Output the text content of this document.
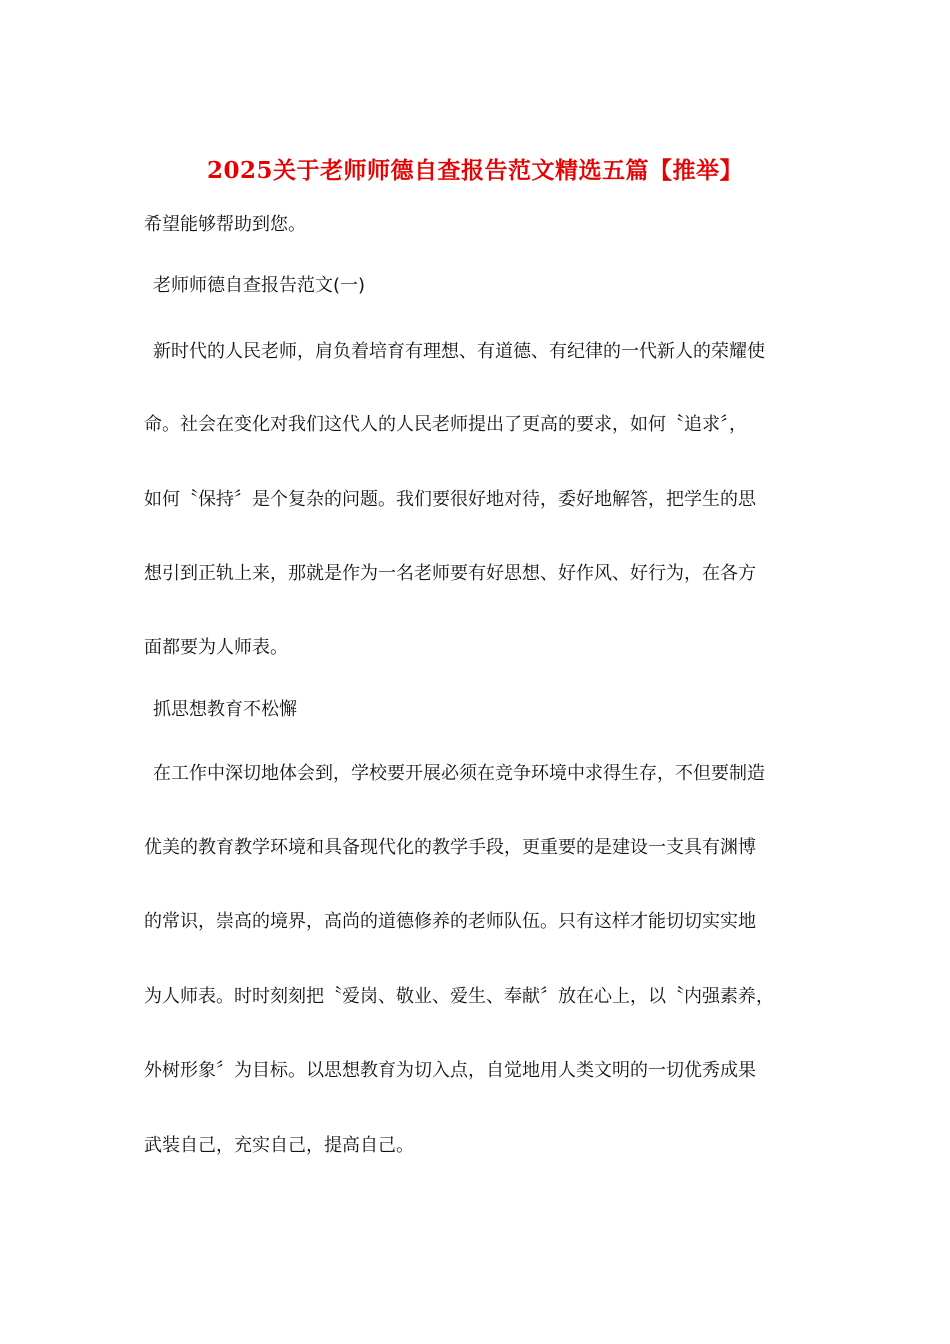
2025关于老师师德自查报告范文精选五篇【推举】
希望能够帮助到您。
老师师德自查报告范文(一)
新时代的人民老师，肩负着培育有理想、有道德、有纪律的一代新人的荣耀使
命。社会在变化对我们这代人的人民老师提出了更高的要求，如何〝追求〞，
如何〝保持〞是个复杂的问题。我们要很好地对待，委好地解答，把学生的思
想引到正轨上来，那就是作为一名老师要有好思想、好作风、好行为，在各方
面都要为人师表。
抓思想教育不松懈
在工作中深切地体会到，学校要开展必须在竞争环境中求得生存，不但要制造
优美的教育教学环境和具备现代化的教学手段，更重要的是建设一支具有渊博
的常识，崇高的境界，高尚的道德修养的老师队伍。只有这样才能切切实实地
为人师表。时时刻刻把〝爱岗、敬业、爱生、奉献〞放在心上，以〝内强素养，
外树形象〞为目标。以思想教育为切入点，自觉地用人类文明的一切优秀成果
武装自己，充实自己，提高自己。
